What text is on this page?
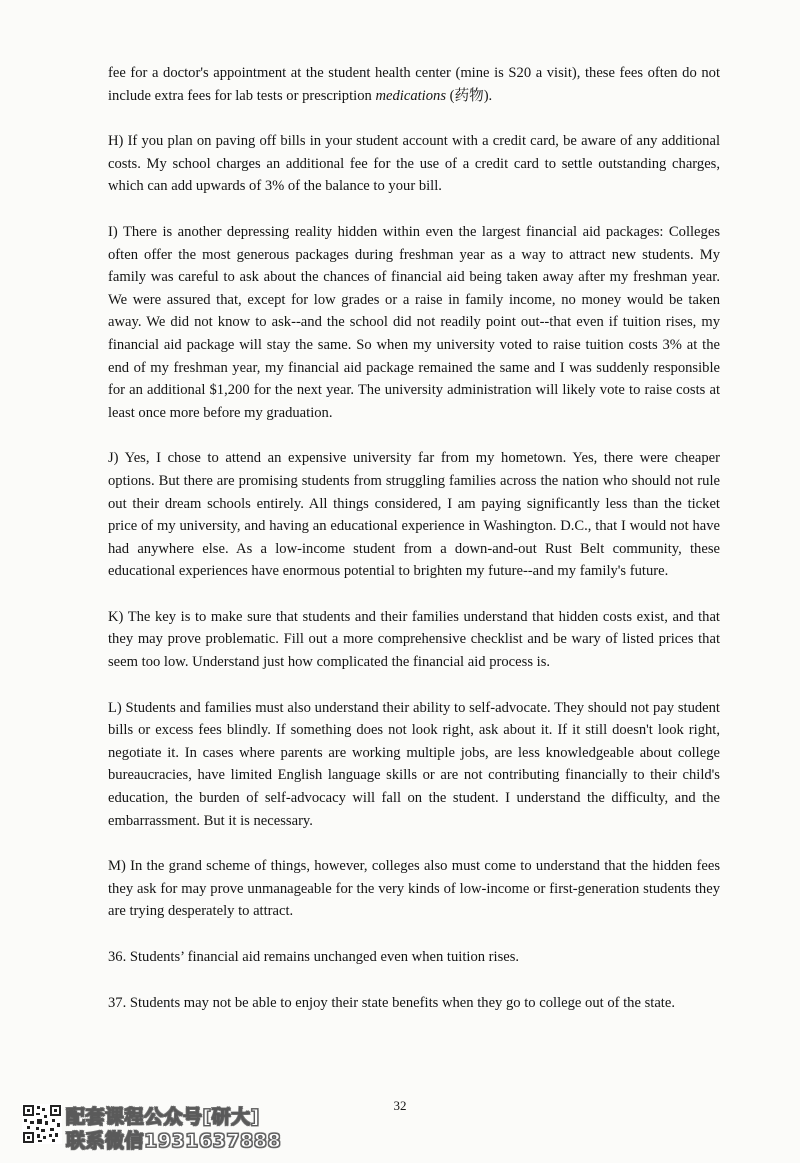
fee for a doctor's appointment at the student health center (mine is S20 a visit), these fees often do not include extra fees for lab tests or prescription medications (药物).

H) If you plan on paving off bills in your student account with a credit card, be aware of any additional costs. My school charges an additional fee for the use of a credit card to settle outstanding charges, which can add upwards of 3% of the balance to your bill.

I) There is another depressing reality hidden within even the largest financial aid packages: Colleges often offer the most generous packages during freshman year as a way to attract new students. My family was careful to ask about the chances of financial aid being taken away after my freshman year. We were assured that, except for low grades or a raise in family income, no money would be taken away. We did not know to ask--and the school did not readily point out--that even if tuition rises, my financial aid package will stay the same. So when my university voted to raise tuition costs 3% at the end of my freshman year, my financial aid package remained the same and I was suddenly responsible for an additional $1,200 for the next year. The university administration will likely vote to raise costs at least once more before my graduation.

J) Yes, I chose to attend an expensive university far from my hometown. Yes, there were cheaper options. But there are promising students from struggling families across the nation who should not rule out their dream schools entirely. All things considered, I am paying significantly less than the ticket price of my university, and having an educational experience in Washington. D.C., that I would not have had anywhere else. As a low-income student from a down-and-out Rust Belt community, these educational experiences have enormous potential to brighten my future--and my family's future.

K) The key is to make sure that students and their families understand that hidden costs exist, and that they may prove problematic. Fill out a more comprehensive checklist and be wary of listed prices that seem too low. Understand just how complicated the financial aid process is.

L) Students and families must also understand their ability to self-advocate. They should not pay student bills or excess fees blindly. If something does not look right, ask about it. If it still doesn't look right, negotiate it. In cases where parents are working multiple jobs, are less knowledgeable about college bureaucracies, have limited English language skills or are not contributing financially to their child's education, the burden of self-advocacy will fall on the student. I understand the difficulty, and the embarrassment. But it is necessary.

M) In the grand scheme of things, however, colleges also must come to understand that the hidden fees they ask for may prove unmanageable for the very kinds of low-income or first-generation students they are trying desperately to attract.

36. Students’ financial aid remains unchanged even when tuition rises.

37. Students may not be able to enjoy their state benefits when they go to college out of the state.

32
配套课程公众号[研大]
联系微信1931637888
